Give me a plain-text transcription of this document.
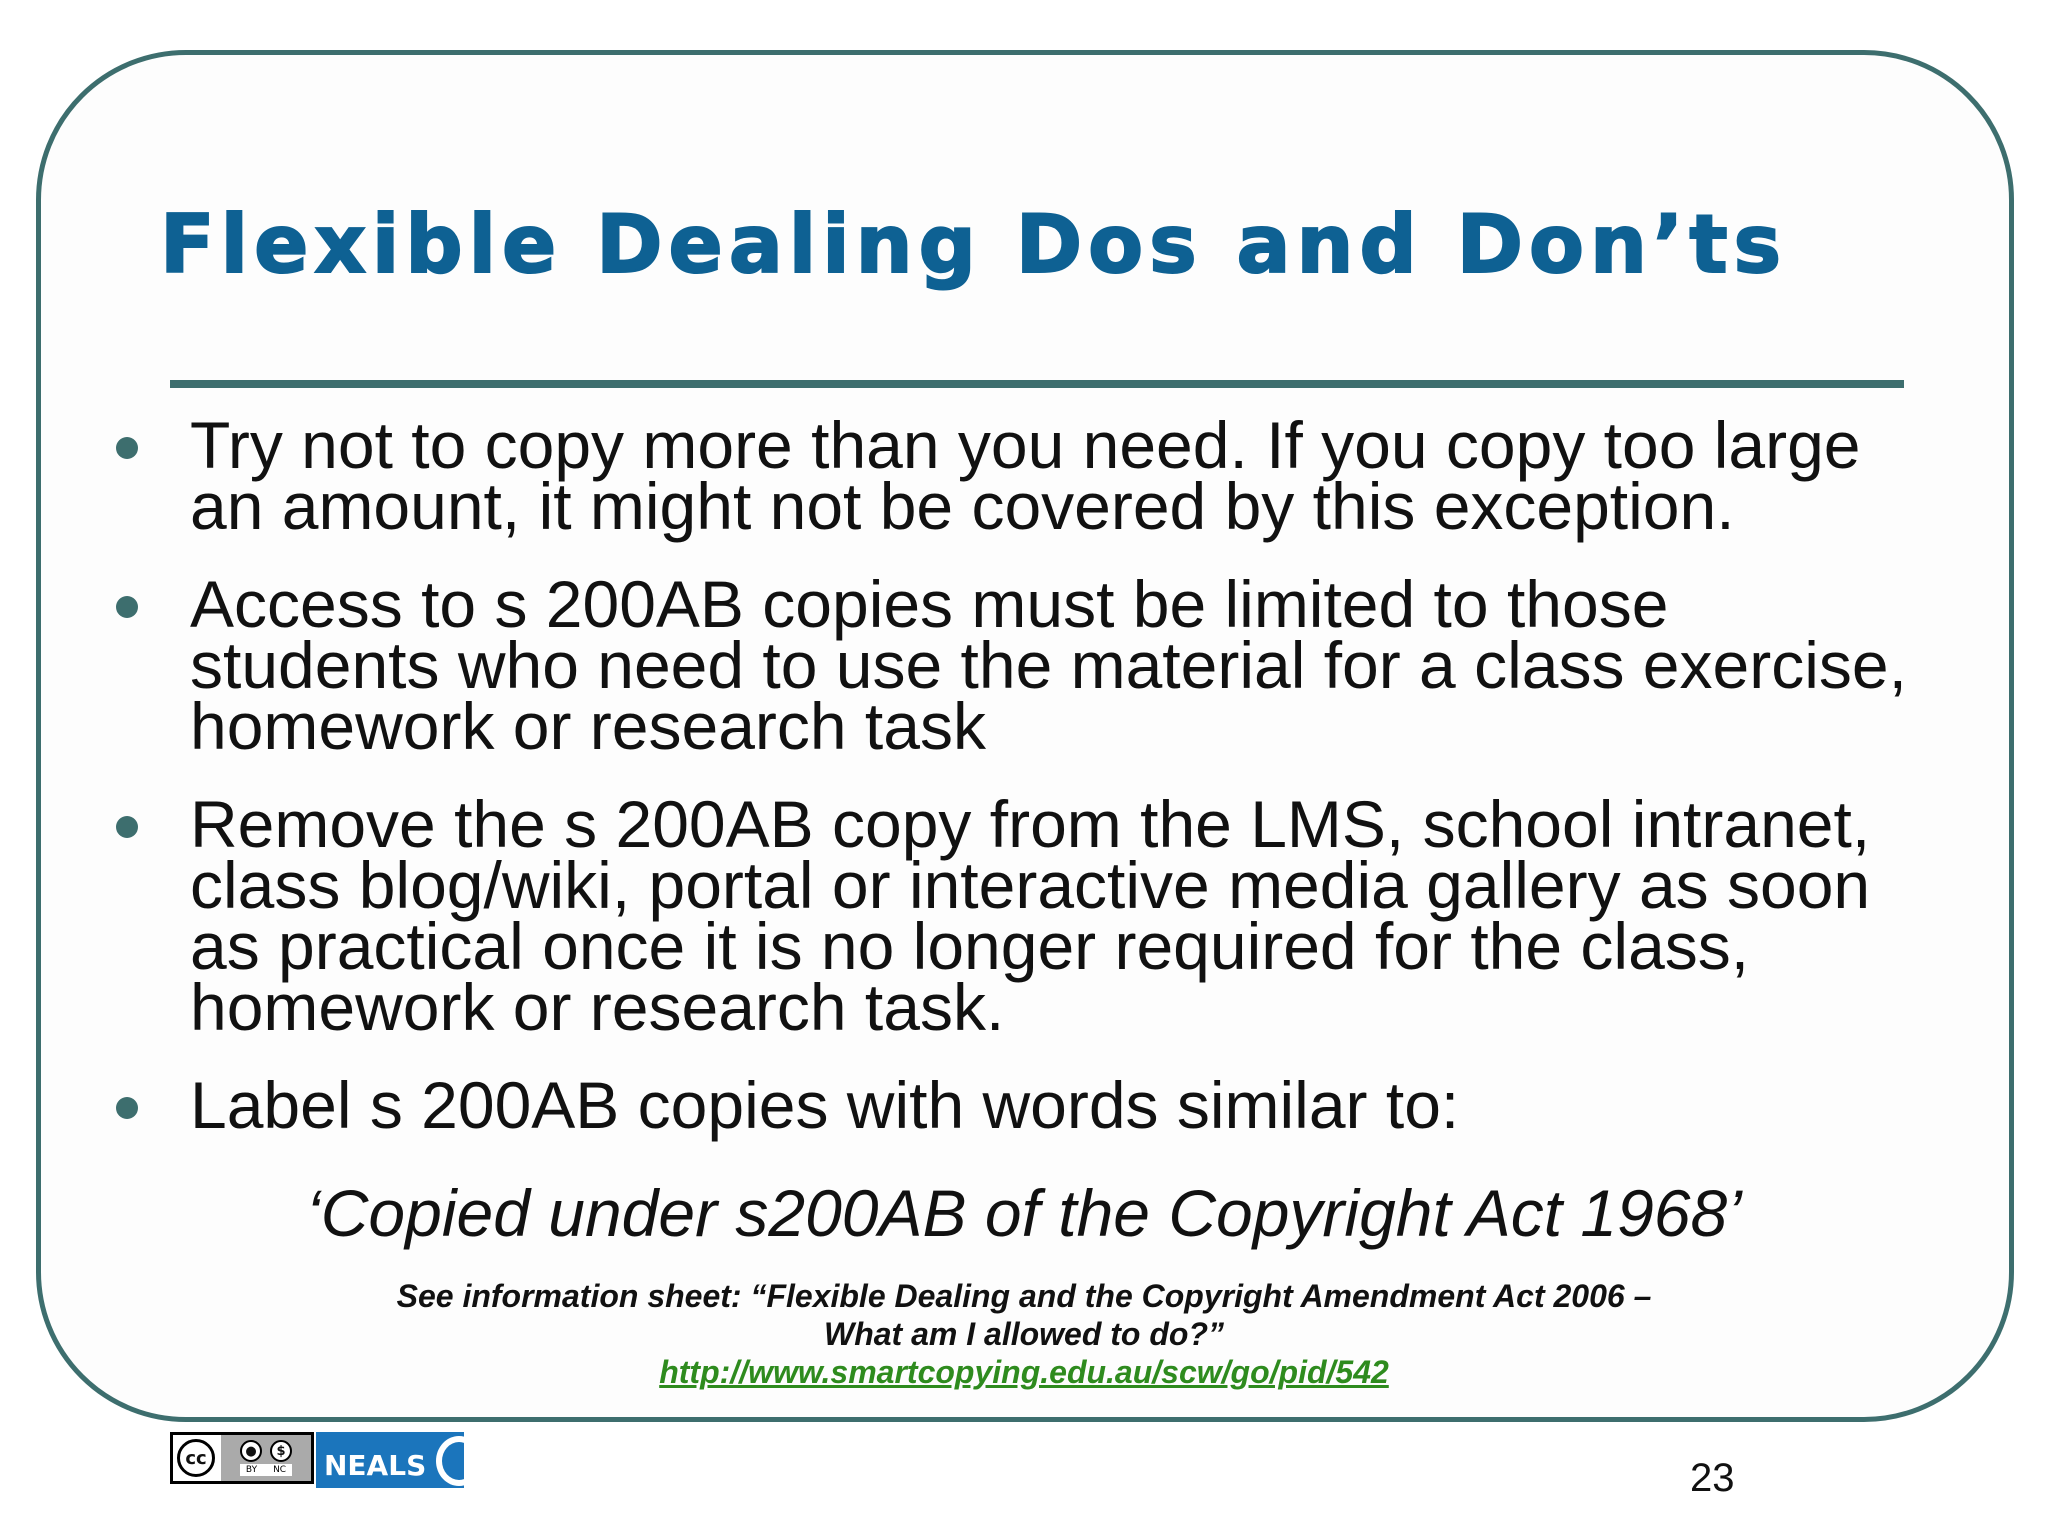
Flexible Dealing Dos and Don’ts
Try not to copy more than you need. If you copy too large
an amount, it might not be covered by this exception.
Access to s 200AB copies must be limited to those
students who need to use the material for a class exercise,
homework or research task
Remove the s 200AB copy from the LMS, school intranet,
class blog/wiki, portal or interactive media gallery as soon
as practical once it is no longer required for the class,
homework or research task.
Label s 200AB copies with words similar to:

‘Copied under s200AB of the Copyright Act 1968’

See information sheet: “Flexible Dealing and the Copyright Amendment Act 2006 –
What am I allowed to do?”
http://www.smartcopying.edu.au/scw/go/pid/542
cc	●	$
BY NC NEALS	23
